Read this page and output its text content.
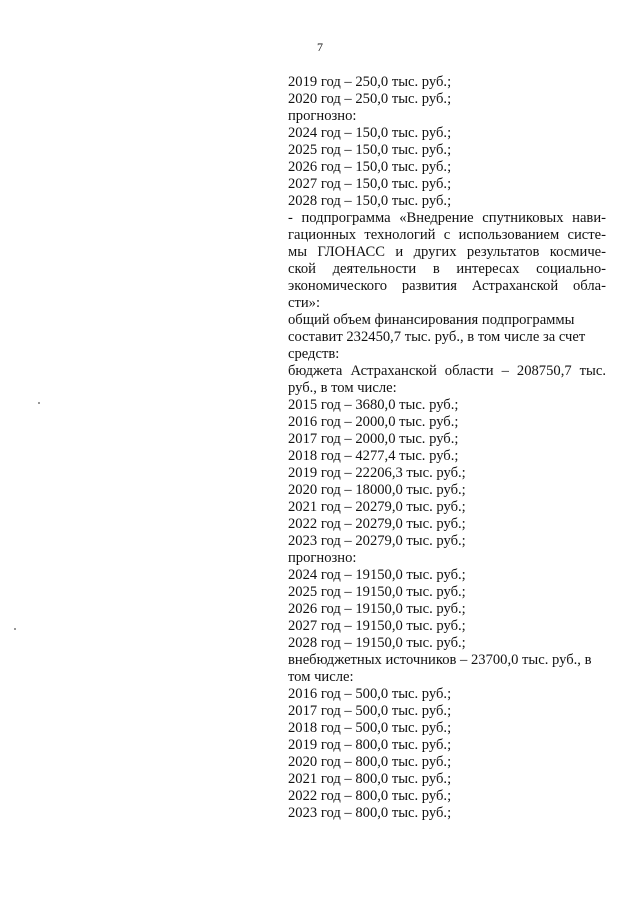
7
2019 год – 250,0 тыс. руб.;
2020 год – 250,0 тыс. руб.;
прогнозно:
2024 год – 150,0 тыс. руб.;
2025 год – 150,0 тыс. руб.;
2026 год – 150,0 тыс. руб.;
2027 год – 150,0 тыс. руб.;
2028 год – 150,0 тыс. руб.;
- подпрограмма «Внедрение спутниковых нави-
гационных технологий с использованием систе-
мы ГЛОНАСС и других результатов космиче-
ской деятельности в интересах социально-
экономического развития Астраханской обла-
сти»:
общий объем финансирования подпрограммы
составит 232450,7 тыс. руб., в том числе за счет
средств:
бюджета Астраханской области – 208750,7 тыс.
руб., в том числе:
2015 год – 3680,0 тыс. руб.;
2016 год – 2000,0 тыс. руб.;
2017 год – 2000,0 тыс. руб.;
2018 год – 4277,4 тыс. руб.;
2019 год – 22206,3 тыс. руб.;
2020 год – 18000,0 тыс. руб.;
2021 год – 20279,0 тыс. руб.;
2022 год – 20279,0 тыс. руб.;
2023 год – 20279,0 тыс. руб.;
прогнозно:
2024 год – 19150,0 тыс. руб.;
2025 год – 19150,0 тыс. руб.;
2026 год – 19150,0 тыс. руб.;
2027 год – 19150,0 тыс. руб.;
2028 год – 19150,0 тыс. руб.;
внебюджетных источников – 23700,0 тыс. руб., в
том числе:
2016 год – 500,0 тыс. руб.;
2017 год – 500,0 тыс. руб.;
2018 год – 500,0 тыс. руб.;
2019 год – 800,0 тыс. руб.;
2020 год – 800,0 тыс. руб.;
2021 год – 800,0 тыс. руб.;
2022 год – 800,0 тыс. руб.;
2023 год – 800,0 тыс. руб.;
